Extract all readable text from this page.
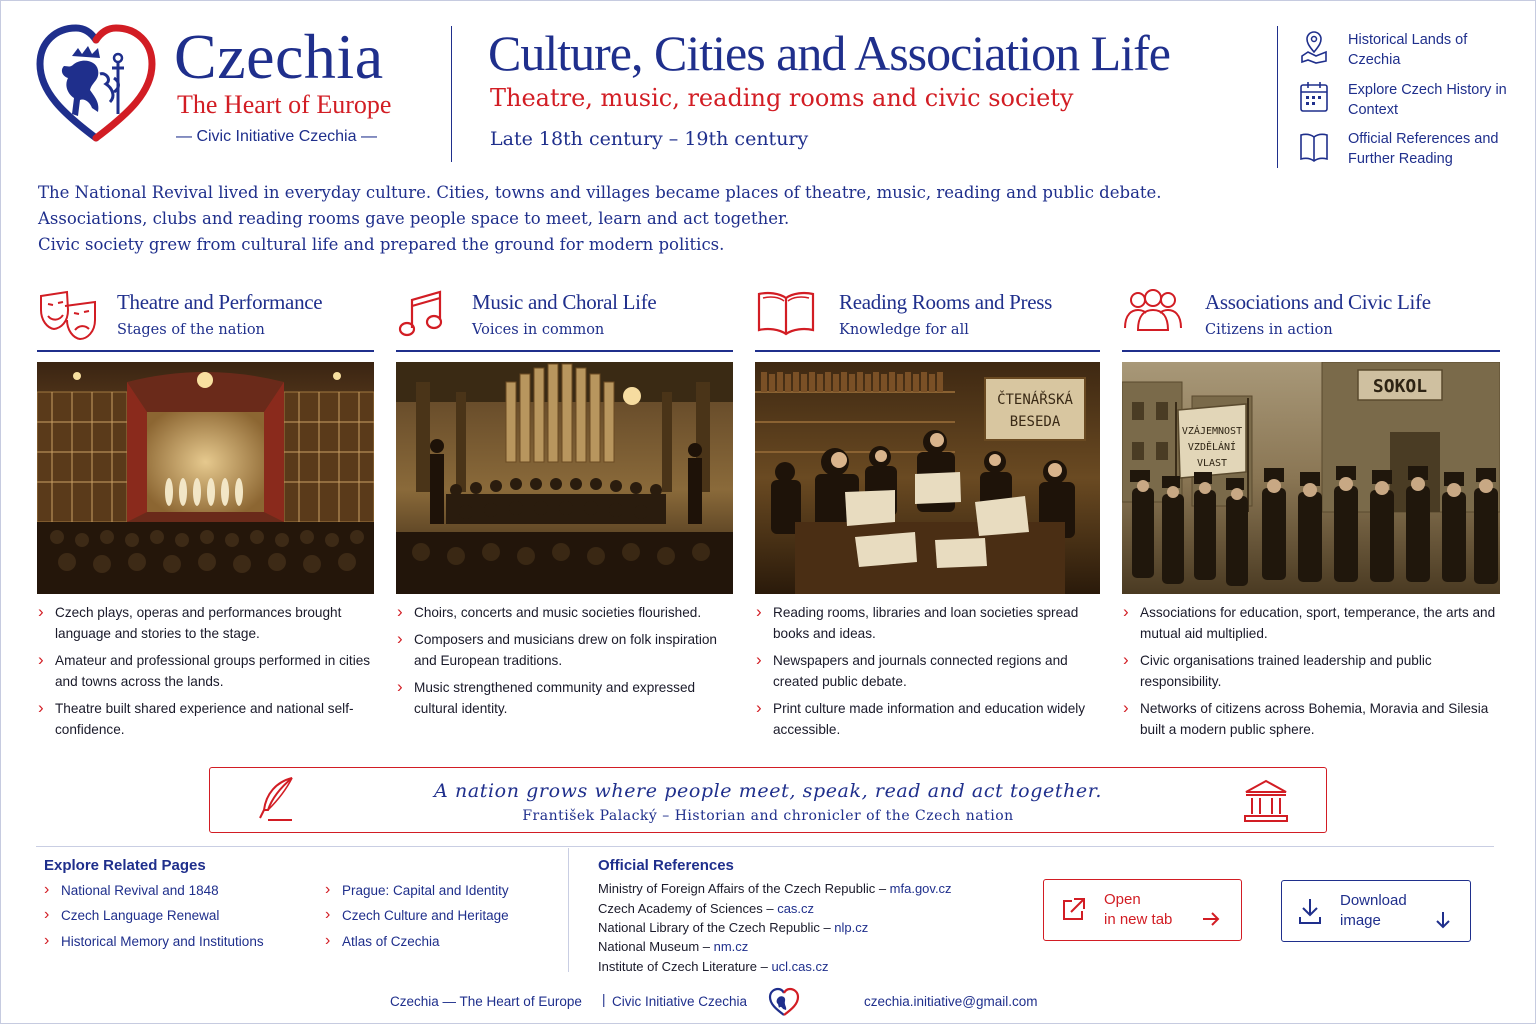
Czechia
The Heart of Europe
— Civic Initiative Czechia —
Culture, Cities and Association Life
Theatre, music, reading rooms and civic society
Late 18th century – 19th century
Historical Lands of Czechia
Explore Czech History in Context
Official References and Further Reading

The National Revival lived in everyday culture. Cities, towns and villages became places of theatre, music, reading and public debate.

Associations, clubs and reading rooms gave people space to meet, learn and act together.

Civic society grew from cultural life and prepared the ground for modern politics.

Theatre and Performance
Stages of the nation
› Czech plays, operas and performances brought language and stories to the stage.
› Amateur and professional groups performed in cities and towns across the lands.
› Theatre built shared experience and national self-confidence.
Music and Choral Life
Voices in common
› Choirs, concerts and music societies flourished.
› Composers and musicians drew on folk inspiration and European traditions.
› Music strengthened community and expressed cultural identity.
Reading Rooms and Press
Knowledge for all
ČTENÁŘSKÁ
BESEDA
› Reading rooms, libraries and loan societies spread books and ideas.
› Newspapers and journals connected regions and created public debate.
› Print culture made information and education widely accessible.
Associations and Civic Life
Citizens in action
SOKOL
VZÁJEMNOST
VZDĚLÁNÍ
VLAST
› Associations for education, sport, temperance, the arts and mutual aid multiplied.
› Civic organisations trained leadership and public responsibility.
› Networks of citizens across Bohemia, Moravia and Silesia built a modern public sphere.
A nation grows where people meet, speak, read and act together.
František Palacký – Historian and chronicler of the Czech nation
Explore Related Pages
› National Revival and 1848
› Czech Language Renewal
› Historical Memory and Institutions
› Prague: Capital and Identity
› Czech Culture and Heritage
› Atlas of Czechia
Official References
Ministry of Foreign Affairs of the Czech Republic – mfa.gov.cz
Czech Academy of Sciences – cas.cz
National Library of the Czech Republic – nlp.cz
National Museum – nm.cz
Institute of Czech Literature – ucl.cas.cz
Open
in new tab
Download
image
Czechia — The Heart of Europe | Civic Initiative Czechia	czechia.initiative@gmail.com
